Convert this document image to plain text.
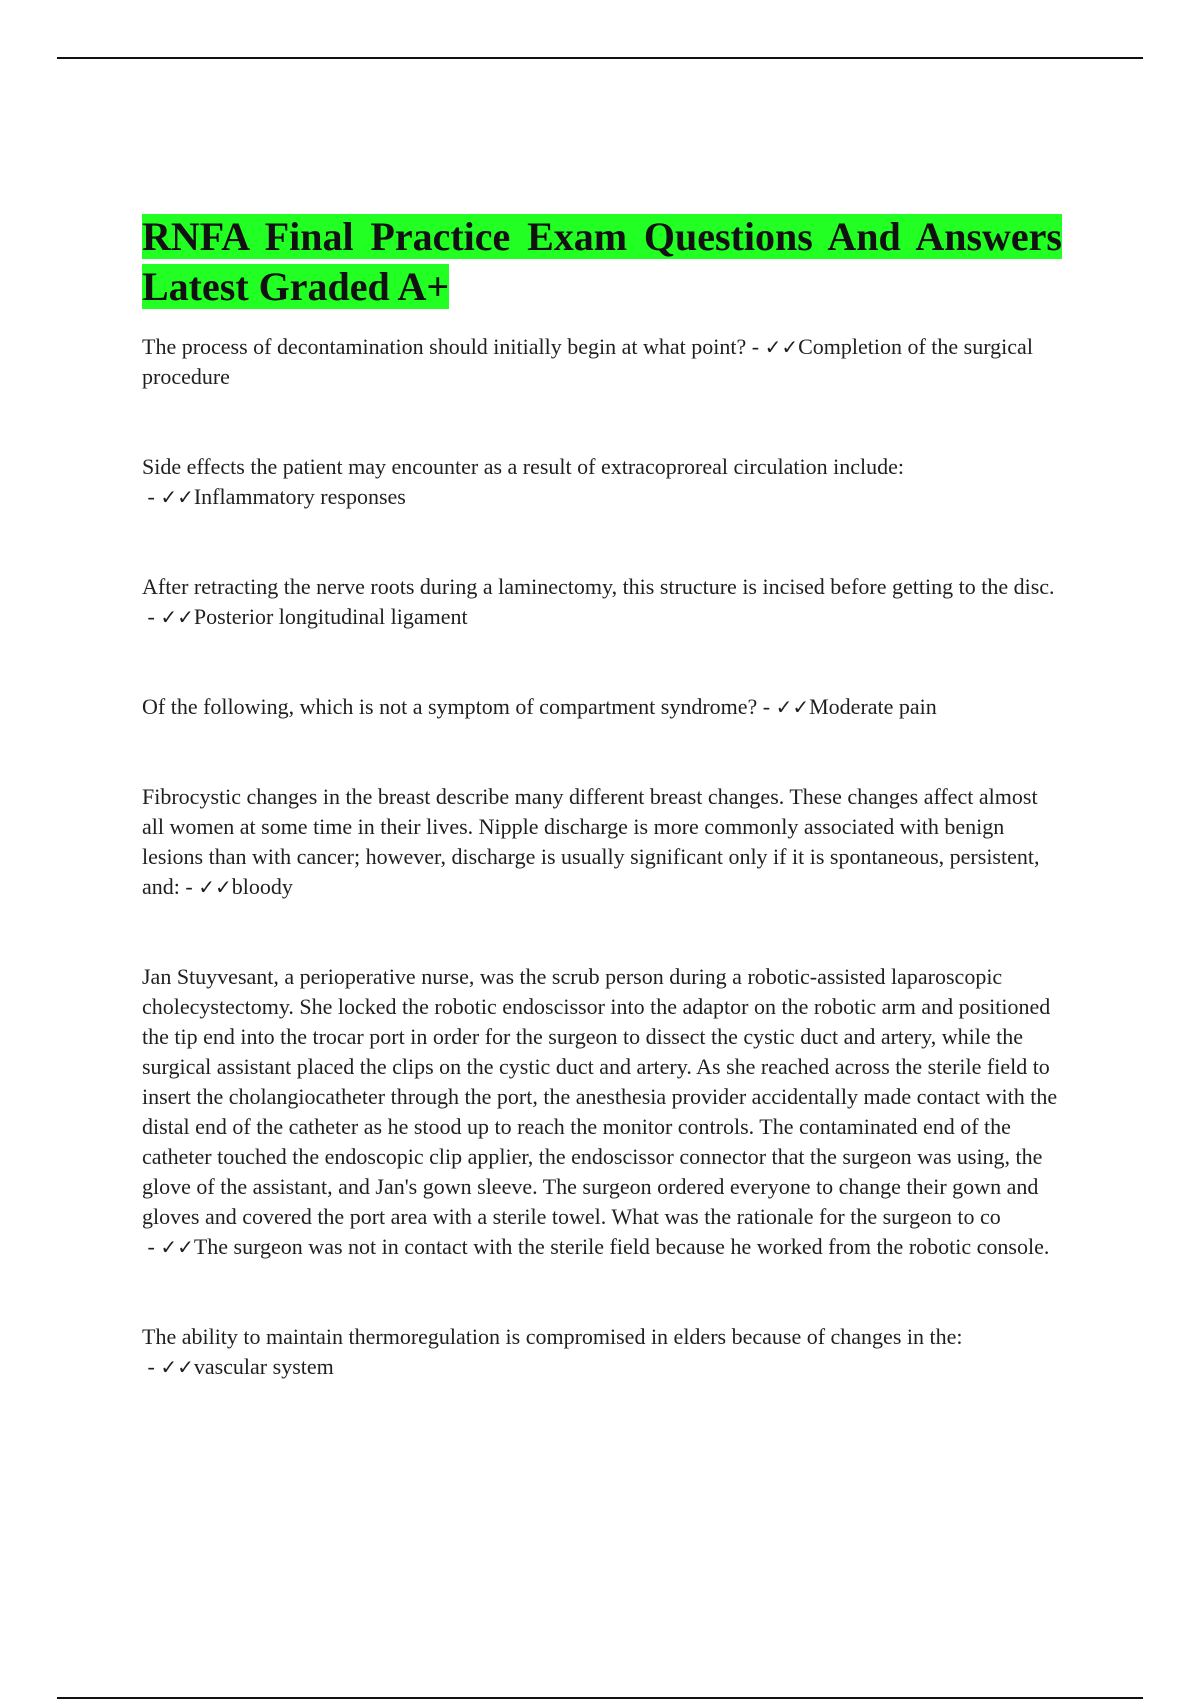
RNFA Final Practice Exam Questions And Answers Latest Graded A+

The process of decontamination should initially begin at what point? - ✓✓Completion of the surgical procedure

Side effects the patient may encounter as a result of extracoproreal circulation include: - ✓✓Inflammatory responses

After retracting the nerve roots during a laminectomy, this structure is incised before getting to the disc. - ✓✓Posterior longitudinal ligament

Of the following, which is not a symptom of compartment syndrome? - ✓✓Moderate pain

Fibrocystic changes in the breast describe many different breast changes. These changes affect almost all women at some time in their lives. Nipple discharge is more commonly associated with benign lesions than with cancer; however, discharge is usually significant only if it is spontaneous, persistent, and: - ✓✓bloody

Jan Stuyvesant, a perioperative nurse, was the scrub person during a robotic-assisted laparoscopic cholecystectomy. She locked the robotic endoscissor into the adaptor on the robotic arm and positioned the tip end into the trocar port in order for the surgeon to dissect the cystic duct and artery, while the surgical assistant placed the clips on the cystic duct and artery. As she reached across the sterile field to insert the cholangiocatheter through the port, the anesthesia provider accidentally made contact with the distal end of the catheter as he stood up to reach the monitor controls. The contaminated end of the catheter touched the endoscopic clip applier, the endoscissor connector that the surgeon was using, the glove of the assistant, and Jan's gown sleeve. The surgeon ordered everyone to change their gown and gloves and covered the port area with a sterile towel. What was the rationale for the surgeon to co - ✓✓The surgeon was not in contact with the sterile field because he worked from the robotic console.

The ability to maintain thermoregulation is compromised in elders because of changes in the: - ✓✓vascular system
